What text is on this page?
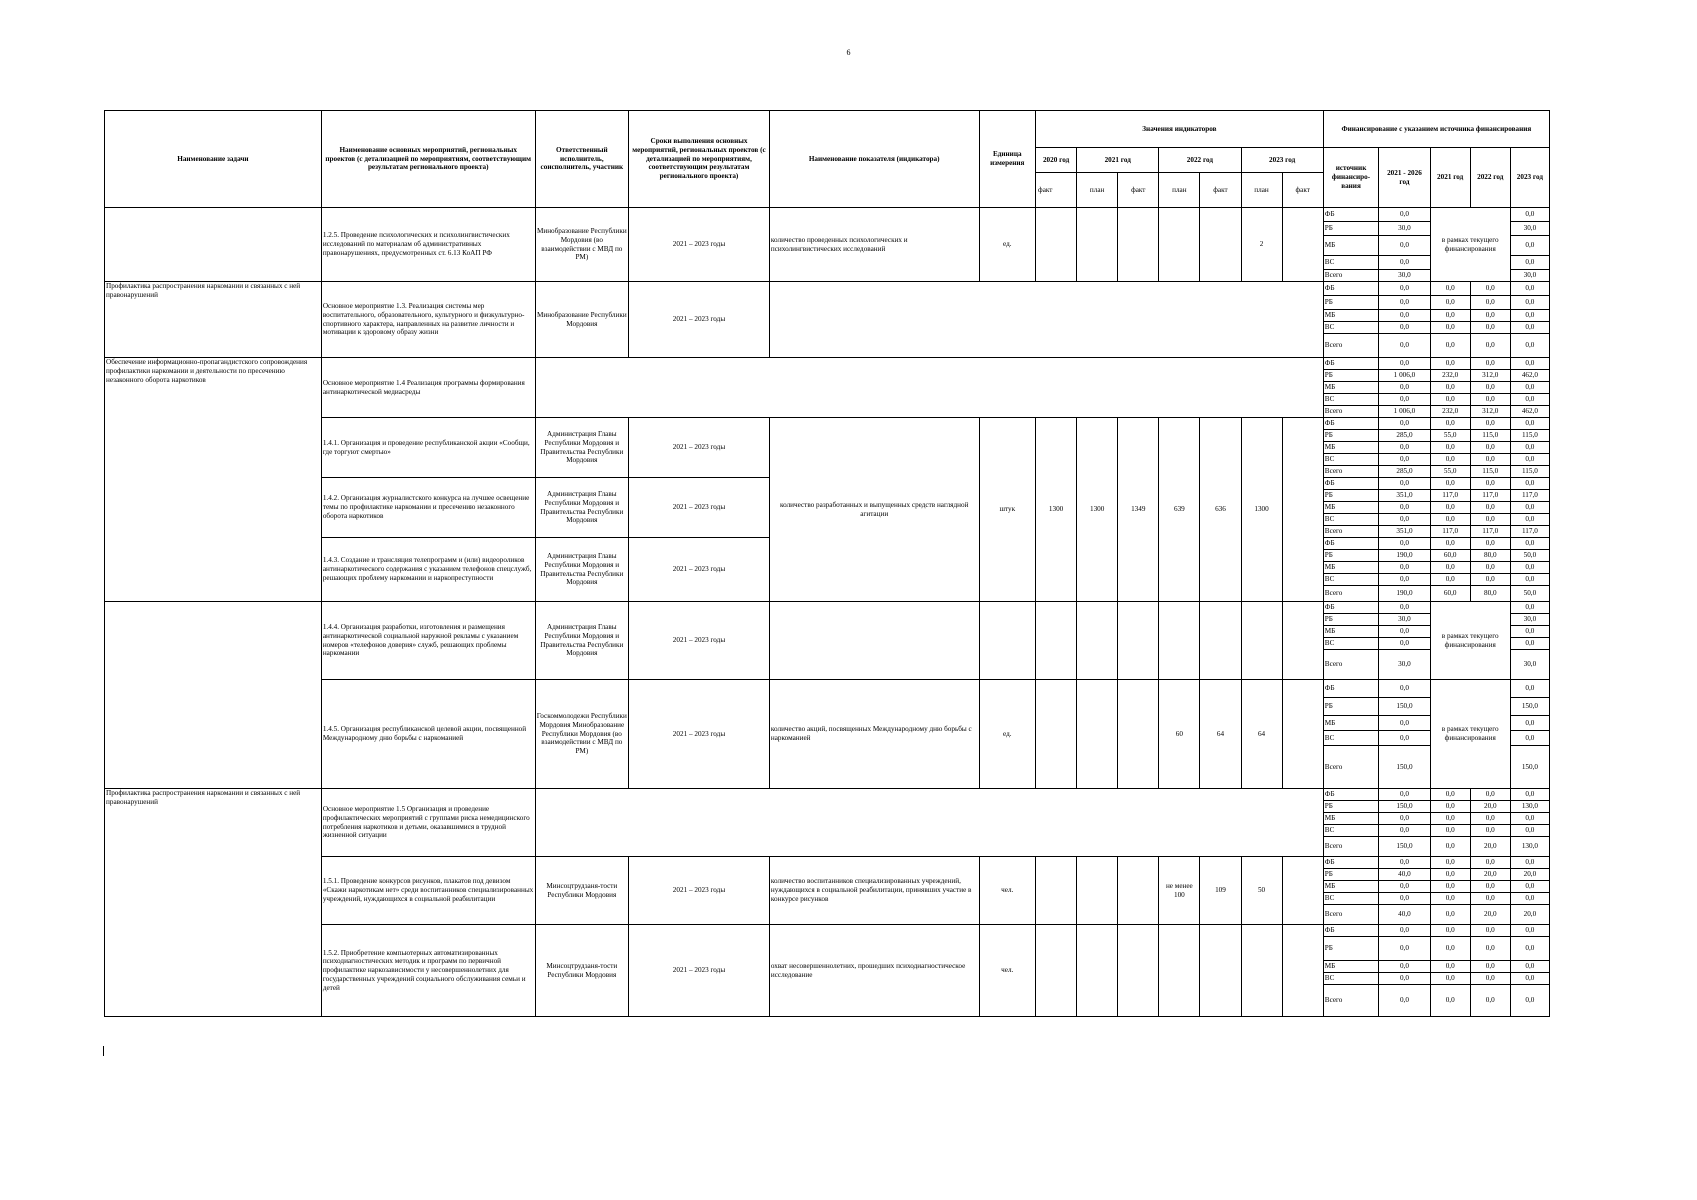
6
Наименование задачи	Наименование основных мероприятий, региональных проектов (с детализацией по мероприятиям, соответствующим результатам регионального проекта)	Ответственный исполнитель, соисполнитель, участник	Сроки выполнения основных мероприятий, региональных проектов (с детализацией по мероприятиям, соответствующим результатам регионального проекта)	Наименование показателя (индикатора)	Единица измерения	Значения индикаторов							Финансирование с указанием источника финансирования				
						2020 год	2021 год		2022 год		2023 год		источник финансиро-вания	2021 - 2026 год	2021 год	2022 год	2023 год
						факт	план	факт	план	факт	план	факт					
	1.2.5. Проведение психологических и психолингвистических исследований по материалам об административных правонарушениях, предусмотренных ст. 6.13 КоАП РФ	Минобразование Республики Мордовия (во взаимодействии с МВД по РМ)	2021 – 2023 годы	количество проведенных психологических и психолингвистических исследований	ед.						2		ФБ	0,0	в рамках текущего финансирования		0,0
													РБ	30,0			30,0
													МБ	0,0			0,0
													ВС	0,0			0,0
													Всего	30,0			30,0
Профилактика распространения наркомании и связанных с ней правонарушений	Основное мероприятие 1.3. Реализация системы мер воспитательного, образовательного, культурного и физкультурно-спортивного характера, направленных на развитие личности и мотивации к здоровому образу жизни	Минобразование Республики Мордовия	2021 – 2023 годы										ФБ	0,0	0,0	0,0	0,0
													РБ	0,0	0,0	0,0	0,0
													МБ	0,0	0,0	0,0	0,0
													ВС	0,0	0,0	0,0	0,0
													Всего	0,0	0,0	0,0	0,0
Обеспечение информационно-пропагандистского сопровождения профилактики наркомании и деятельности по пресечению незаконного оборота наркотиков	Основное мероприятие 1.4 Реализация программы формирования антинаркотической медиасреды												ФБ	0,0	0,0	0,0	0,0
													РБ	1 006,0	232,0	312,0	462,0
													МБ	0,0	0,0	0,0	0,0
													ВС	0,0	0,0	0,0	0,0
													Всего	1 006,0	232,0	312,0	462,0
	1.4.1. Организация и проведение республиканской акции «Сообщи, где торгуют смертью»	Администрация Главы Республики Мордовия и Правительства Республики Мордовия	2021 – 2023 годы	количество разработанных и выпущенных средств наглядной агитации	штук	1300	1300	1349	639	636	1300		ФБ	0,0	0,0	0,0	0,0
													РБ	285,0	55,0	115,0	115,0
													МБ	0,0	0,0	0,0	0,0
													ВС	0,0	0,0	0,0	0,0
													Всего	285,0	55,0	115,0	115,0
	1.4.2. Организация журналистского конкурса на лучшее освещение темы по профилактике наркомании и пресечению незаконного оборота наркотиков	Администрация Главы Республики Мордовия и Правительства Республики Мордовия	2021 – 2023 годы										ФБ	0,0	0,0	0,0	0,0
													РБ	351,0	117,0	117,0	117,0
													МБ	0,0	0,0	0,0	0,0
													ВС	0,0	0,0	0,0	0,0
													Всего	351,0	117,0	117,0	117,0
	1.4.3. Создание и трансляция телепрограмм и (или) видеороликов антинаркотического содержания с указанием телефонов спецслужб, решающих проблему наркомании и наркопреступности	Администрация Главы Республики Мордовия и Правительства Республики Мордовия	2021 – 2023 годы										ФБ	0,0	0,0	0,0	0,0
													РБ	190,0	60,0	80,0	50,0
													МБ	0,0	0,0	0,0	0,0
													ВС	0,0	0,0	0,0	0,0
													Всего	190,0	60,0	80,0	50,0
	1.4.4. Организация разработки, изготовления и размещения антинаркотической социальной наружной рекламы с указанием номеров «телефонов доверия» служб, решающих проблемы наркомании	Администрация Главы Республики Мордовия и Правительства Республики Мордовия	2021 – 2023 годы										ФБ	0,0	в рамках текущего финансирования		0,0
													РБ	30,0			30,0
													МБ	0,0			0,0
													ВС	0,0			0,0
													Всего	30,0			30,0
	1.4.5. Организация республиканской целевой акции, посвященной Международному дню борьбы с наркоманией	Госкоммолодежи Республики Мордовия Минобразование Республики Мордовия (во взаимодействии с МВД по РМ)	2021 – 2023 годы	количество акций, посвященных Международному дню борьбы с наркоманией	ед.				60	64	64		ФБ	0,0	в рамках текущего финансирования		0,0
													РБ	150,0			150,0
													МБ	0,0			0,0
													ВС	0,0			0,0
													Всего	150,0			150,0
Профилактика распространения наркомании и связанных с ней правонарушений	Основное мероприятие 1.5 Организация и проведение профилактических мероприятий с группами риска немедицинского потребления наркотиков и детьми, оказавшимися в трудной жизненной ситуации												ФБ	0,0	0,0	0,0	0,0
													РБ	150,0	0,0	20,0	130,0
													МБ	0,0	0,0	0,0	0,0
													ВС	0,0	0,0	0,0	0,0
													Всего	150,0	0,0	20,0	130,0
	1.5.1. Проведение конкурсов рисунков, плакатов под девизом «Скажи наркотикам нет» среди воспитанников специализированных учреждений, нуждающихся в социальной реабилитации	Минсоцтрудзаня-тости Республики Мордовия	2021 – 2023 годы	количество воспитанников специализированных учреждений, нуждающихся в социальной реабилитации, принявших участие в конкурсе рисунков	чел.				не менее 100	109	50		ФБ	0,0	0,0	0,0	0,0
													РБ	40,0	0,0	20,0	20,0
													МБ	0,0	0,0	0,0	0,0
													ВС	0,0	0,0	0,0	0,0
													Всего	40,0	0,0	20,0	20,0
	1.5.2. Приобретение компьютерных автоматизированных психодиагностических методик и программ по первичной профилактике наркозависимости у несовершеннолетних для государственных учреждений социального обслуживания семьи и детей	Минсоцтрудзаня-тости Республики Мордовия	2021 – 2023 годы	охват несовершеннолетних, прошедших психодиагностическое исследование	чел.								ФБ	0,0	0,0	0,0	0,0
													РБ	0,0	0,0	0,0	0,0
													МБ	0,0	0,0	0,0	0,0
													ВС	0,0	0,0	0,0	0,0
													Всего	0,0	0,0	0,0	0,0
